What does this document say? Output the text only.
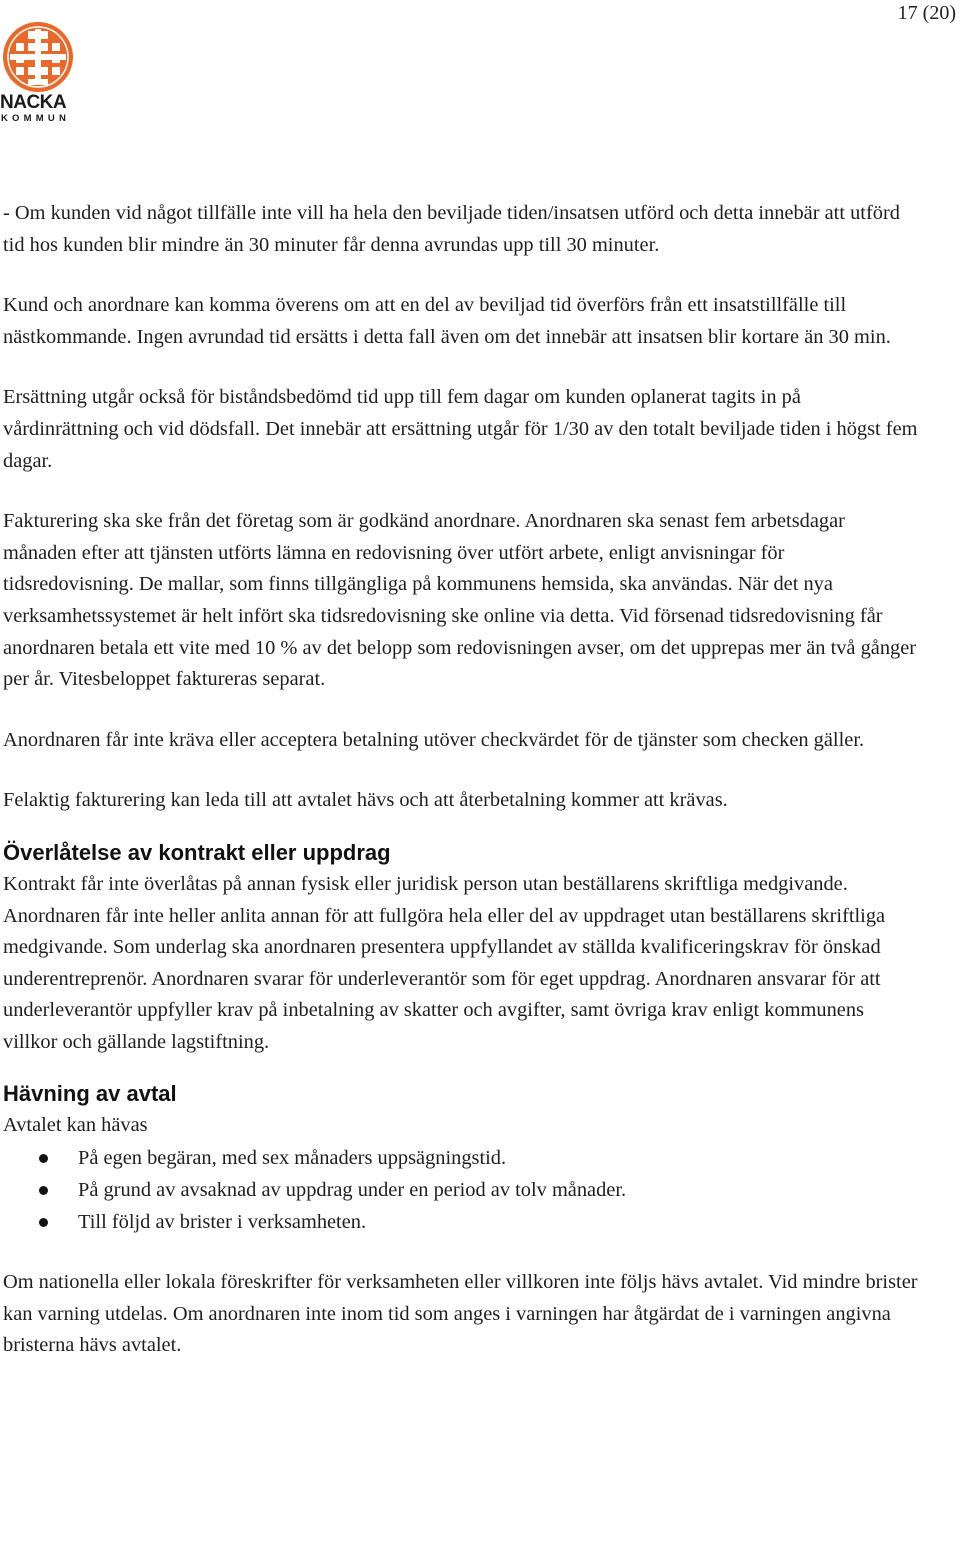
17 (20)
NACKA
KOMMUN

- Om kunden vid något tillfälle inte vill ha hela den beviljade tiden/insatsen utförd och detta innebär att utförd tid hos kunden blir mindre än 30 minuter får denna avrundas upp till 30 minuter.

Kund och anordnare kan komma överens om att en del av beviljad tid överförs från ett insatstillfälle till nästkommande. Ingen avrundad tid ersätts i detta fall även om det innebär att insatsen blir kortare än 30 min.

Ersättning utgår också för biståndsbedömd tid upp till fem dagar om kunden oplanerat tagits in på vårdinrättning och vid dödsfall. Det innebär att ersättning utgår för 1/30 av den totalt beviljade tiden i högst fem dagar.

Fakturering ska ske från det företag som är godkänd anordnare. Anordnaren ska senast fem arbetsdagar månaden efter att tjänsten utförts lämna en redovisning över utfört arbete, enligt anvisningar för tidsredovisning. De mallar, som finns tillgängliga på kommunens hemsida, ska användas. När det nya verksamhetssystemet är helt infört ska tidsredovisning ske online via detta. Vid försenad tidsredovisning får anordnaren betala ett vite med 10 % av det belopp som redovisningen avser, om det upprepas mer än två gånger per år. Vitesbeloppet faktureras separat.

Anordnaren får inte kräva eller acceptera betalning utöver checkvärdet för de tjänster som checken gäller.

Felaktig fakturering kan leda till att avtalet hävs och att återbetalning kommer att krävas.

Överlåtelse av kontrakt eller uppdrag

Kontrakt får inte överlåtas på annan fysisk eller juridisk person utan beställarens skriftliga medgivande. Anordnaren får inte heller anlita annan för att fullgöra hela eller del av uppdraget utan beställarens skriftliga medgivande. Som underlag ska anordnaren presentera uppfyllandet av ställda kvalificeringskrav för önskad underentreprenör. Anordnaren svarar för underleverantör som för eget uppdrag. Anordnaren ansvarar för att underleverantör uppfyller krav på inbetalning av skatter och avgifter, samt övriga krav enligt kommunens villkor och gällande lagstiftning.

Hävning av avtal

Avtalet kan hävas

På egen begäran, med sex månaders uppsägningstid.
På grund av avsaknad av uppdrag under en period av tolv månader.
Till följd av brister i verksamheten.

Om nationella eller lokala föreskrifter för verksamheten eller villkoren inte följs hävs avtalet. Vid mindre brister kan varning utdelas. Om anordnaren inte inom tid som anges i varningen har åtgärdat de i varningen angivna bristerna hävs avtalet.
